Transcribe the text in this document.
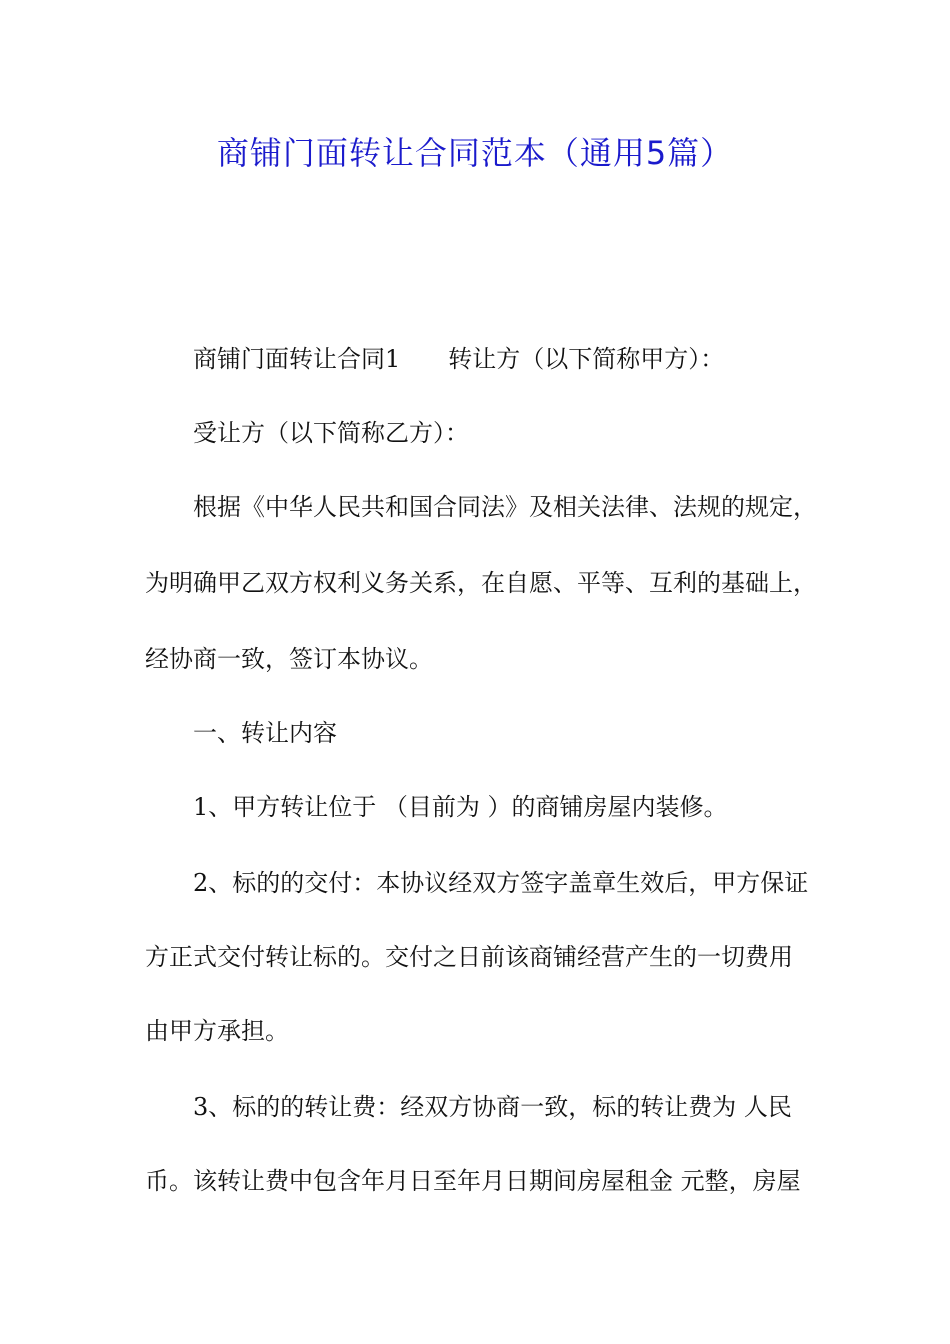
商铺门面转让合同范本（通用5篇）
商铺门面转让合同1 转让方（以下简称甲方）：
受让方（以下简称乙方）：
根据《中华人民共和国合同法》及相关法律、法规的规定，
为明确甲乙双方权利义务关系，在自愿、平等、互利的基础上，
经协商一致，签订本协议。
一、转让内容
1、甲方转让位于 （目前为 ）的商铺房屋内装修。
2、标的的交付：本协议经双方签字盖章生效后，甲方保证
方正式交付转让标的。交付之日前该商铺经营产生的一切费用
由甲方承担。
3、标的的转让费：经双方协商一致，标的转让费为 人民
币。该转让费中包含年月日至年月日期间房屋租金 元整，房屋
